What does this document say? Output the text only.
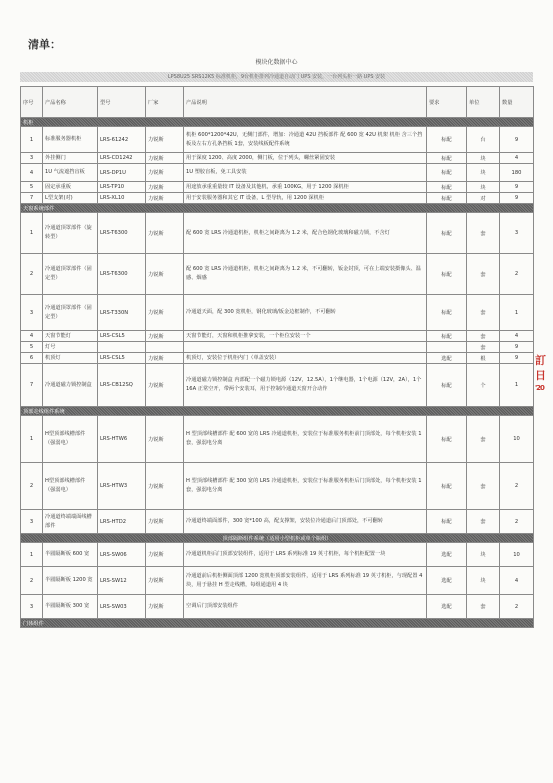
清单：
模块化数据中心
LPS8U25 SRS12K5 标准机柜，9台机柜排列冷通道自动门 UPS 安装，一台列头柜一路 UPS 安装
序号	产品名称	型号	厂家	产品说明	要求	单位	数量
机柜							
1	标准服务器机柜	LRS-61242	力锐斯	机柜 600*1200*42U，无侧门部件，增加：冷通道 42U 挡板部件 配 600 宽 42U 机架 机柜 含三个挡板及左右方孔条挡板 1套，安装线板配件系统	标配	台	9
3	外挂侧门	LRS-CD1242	力锐斯	用于深度 1200、高度 2000，侧门板，位于列头，螺丝紧固安装	标配	块	4
4	1U 气流遮挡盲板	LRS-DP1U	力锐斯	1U 塑胶盲板，免工具安装	标配	块	180
5	固定承重板	LRS-TP10	力锐斯	用途放承重重量较 IT 设备及其他机，承重 100KG，用于 1200 深机柜	标配	块	9
7	L型支架(对)	LRS-XL10	力锐斯	用于安装服务器和其它 IT 设备，L 型导轨，用 1200 深机柜	标配	对	9
天窗系统部件							
1	冷通道顶罩部件（旋转型）	LRS-T6300	力锐斯	配 600 宽 LRS 冷通道机柜，机柜之间距离为 1.2 米，配合色钢化玻璃和磁力锁，不含灯	标配	套	3
2	冷通道顶罩部件（固定型）	LRS-T6300	力锐斯	配 600 宽 LRS 冷通道机柜，机柜之间距离为 1.2 米，不可翻转，钣金封顶，可在上端安装摄像头、温感、烟感	标配	套	2
3	冷通道顶罩部件（固定型）	LRS-T330N	力锐斯	冷通道天面，配 300 宽机柜，钢化玻璃/钣金边框制作，不可翻转	标配	套	1
4	天窗节能灯	LRS-CSL5	力锐斯	天窗节能灯，天窗和机柜推拿安装，一个柜位安装一个	标配	套	4
5	灯号					套	9
6	机顶灯	LRS-CSL5	力锐斯	机顶灯，安装位于机柜内门（单盖安装）	选配	根	9
7	冷通道磁力锁控制盒	LRS-CB12SQ	力锐斯	冷通道磁力锁控制盒 内部配一个磁力锁电源（12V，12.5A），1个继电器，1个电源（12V，2A），1个 16A 正常空开，带两个安装耳，用于控制冷通道天窗开合动作	标配	个	1
顶部走线组件系统							
1	H型顶部线槽部件（强弱电）	LRS-HTW6	力锐斯	H 型顶部线槽部件 配 600 宽的 LRS 冷通道机柜，安装位于标准服务机柜前门顶部处，每个机柜安装 1 套，强弱电分离	标配	套	10
2	H型顶部线槽部件（强弱电）	LRS-HTW3	力锐斯	H 型顶部线槽部件 配 300 宽的 LRS 冷通道机柜，安装位于标准服务机柜后门顶部处，每个机柜安装 1 套，强弱电分离	标配	套	2
3	冷通道终端端面线槽部件	LRS-HTD2	力锐斯	冷通道终端面部件，300 宽*100 高，配支撑架，安装位冷通道后门顶部处，不可翻转	标配	套	2
顶部隔断组件系统（适用小型机柜或单个瓶组）							
1	半圆隔断板 600 宽	LRS-SW06	力锐斯	冷通道机柜后门顶部安装组件，适用于 LRS 系列标准 19 英寸机柜，每个机柜配置一块	选配	块	10
2	半圆隔断板 1200 宽	LRS-SW12	力锐斯	冷通道前后机柜侧面顶部 1200 宽机柜顶部安装组件，适用于 LRS 系列标准 19 英寸机柜，与现配置 4 块，用于悬挂 H 型走线槽，每组通道用 4 块	选配	块	4
3	半圆隔断板 300 宽	LRS-SW03	力锐斯	空调后门顶部安装组件	选配	套	2
门体组件							
訂
日
'20
